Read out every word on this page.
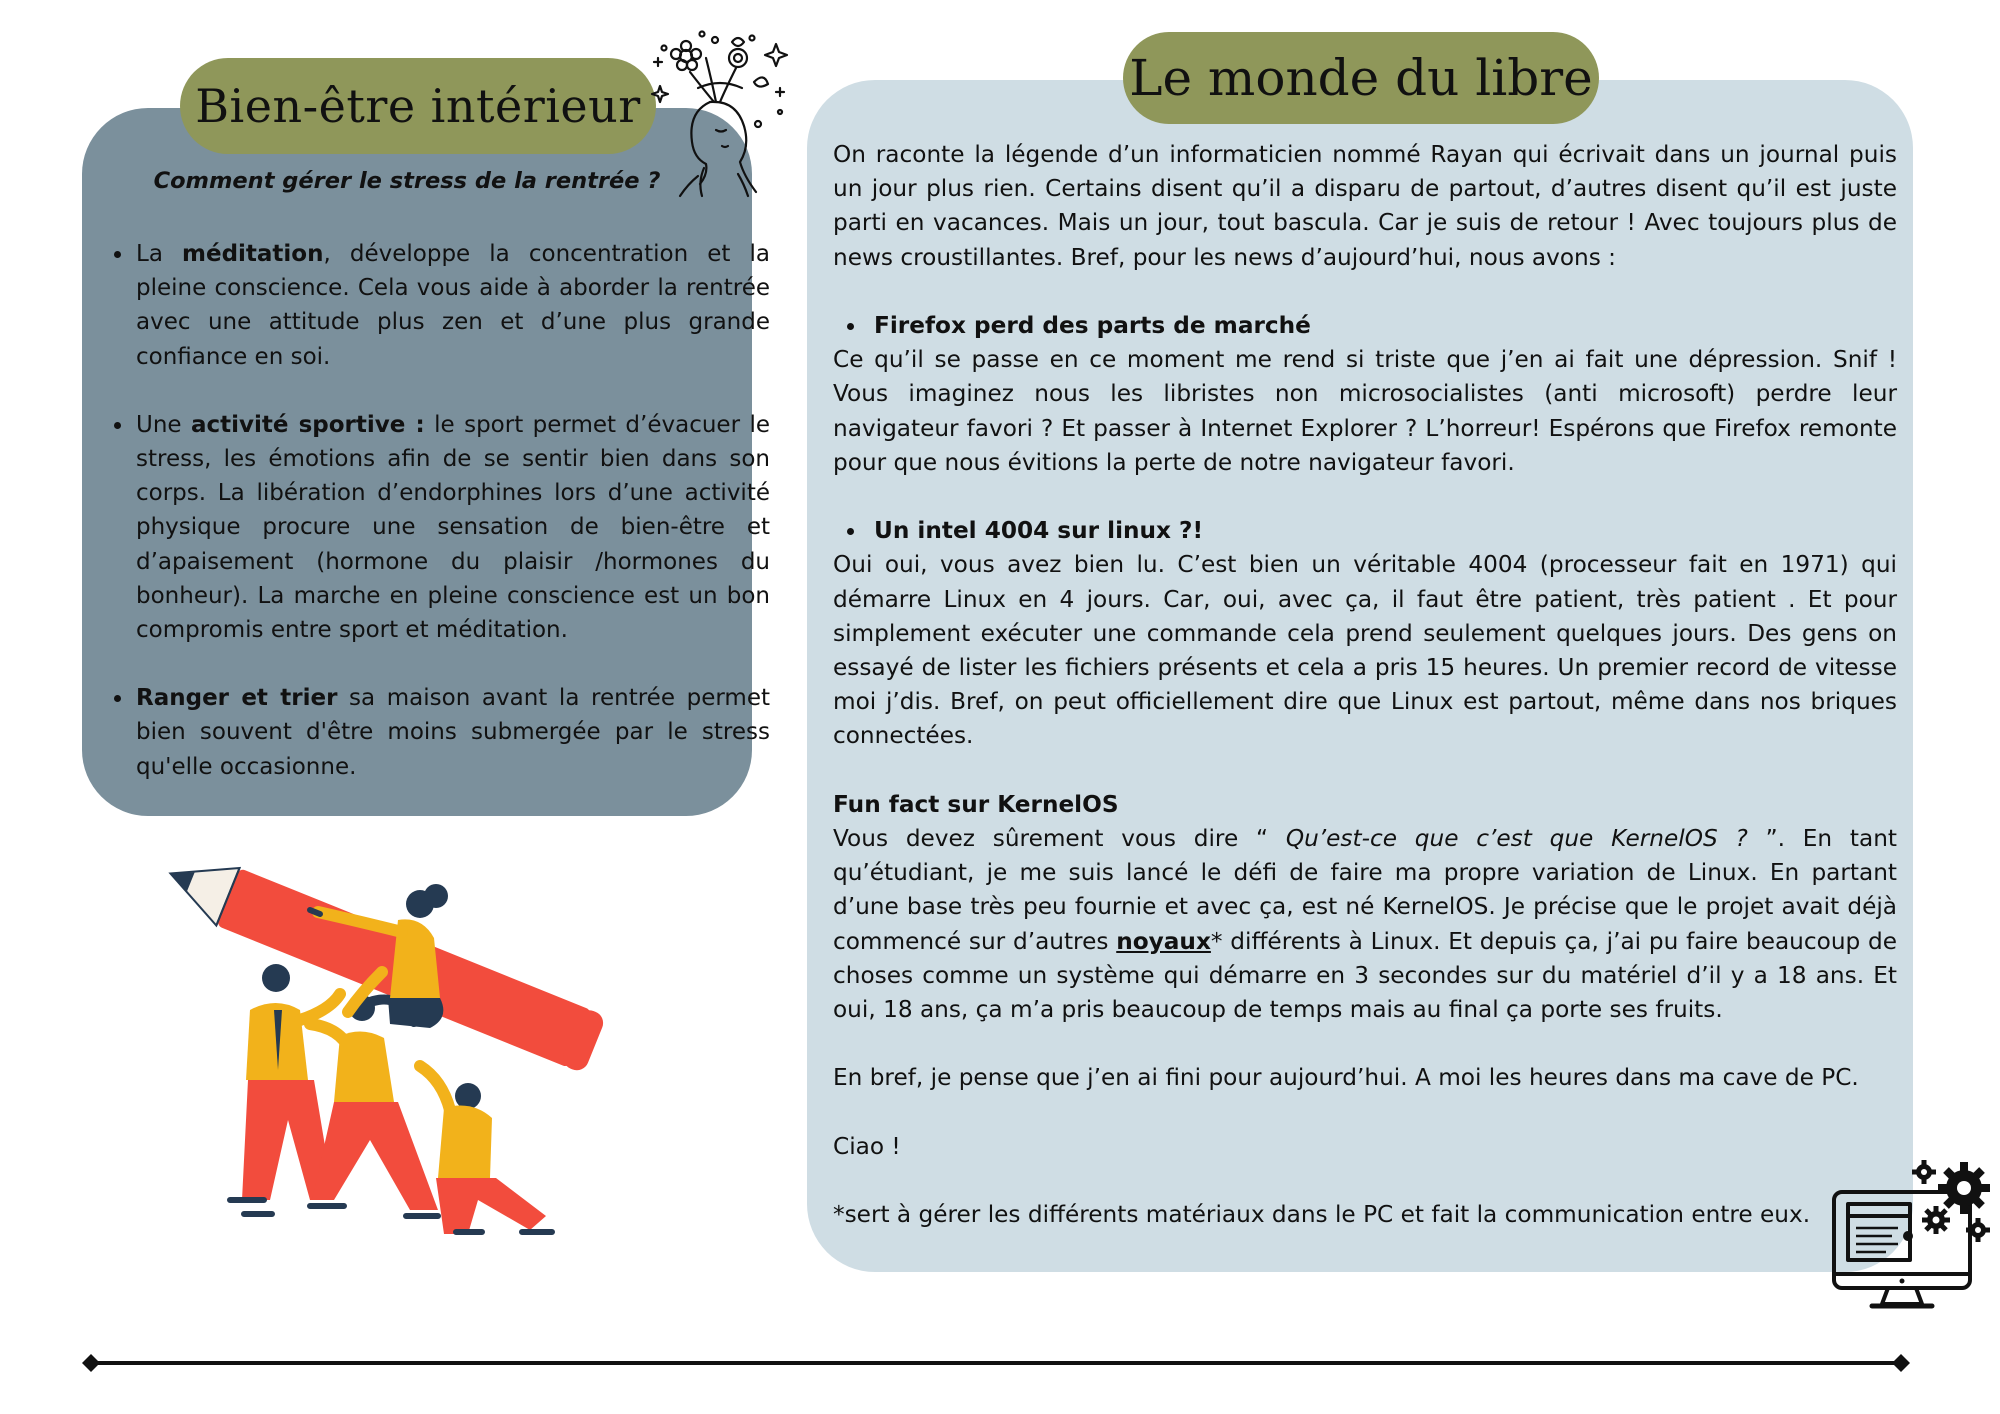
Bien-être intérieur

Comment gérer le stress de la rentrée ?

• La méditation, développe la concentration et la pleine conscience. Cela vous aide à aborder la rentrée avec une attitude plus zen et d’une plus grande confiance en soi.
• Une activité sportive : le sport permet d’évacuer le stress, les émotions afin de se sentir bien dans son corps. La libération d’endorphines lors d’une activité physique procure une sensation de bien-être et d’apaisement (hormone du plaisir /hormones du bonheur). La marche en pleine conscience est un bon compromis entre sport et méditation.
• Ranger et trier sa maison avant la rentrée permet bien souvent d'être moins submergée par le stress qu'elle occasionne.
Le monde du libre

On raconte la légende d’un informaticien nommé Rayan qui écrivait dans un journal puis un jour plus rien. Certains disent qu’il a disparu de partout, d’autres disent qu’il est juste parti en vacances. Mais un jour, tout bascula. Car je suis de retour ! Avec toujours plus de news croustillantes. Bref, pour les news d’aujourd’hui, nous avons :

Firefox perd des parts de marché

Ce qu’il se passe en ce moment me rend si triste que j’en ai fait une dépression. Snif ! Vous imaginez nous les libristes non microsocialistes (anti microsoft) perdre leur navigateur favori ? Et passer à Internet Explorer ? L’horreur! Espérons que Firefox remonte pour que nous évitions la perte de notre navigateur favori.

Un intel 4004 sur linux ?!

Oui oui, vous avez bien lu. C’est bien un véritable 4004 (processeur fait en 1971) qui démarre Linux en 4 jours. Car, oui, avec ça, il faut être patient, très patient . Et pour simplement exécuter une commande cela prend seulement quelques jours. Des gens on essayé de lister les fichiers présents et cela a pris 15 heures. Un premier record de vitesse moi j’dis. Bref, on peut officiellement dire que Linux est partout, même dans nos briques connectées.

Fun fact sur KernelOS

Vous devez sûrement vous dire “ Qu’est-ce que c’est que KernelOS ? ”. En tant qu’étudiant, je me suis lancé le défi de faire ma propre variation de Linux. En partant d’une base très peu fournie et avec ça, est né KernelOS. Je précise que le projet avait déjà commencé sur d’autres noyaux* différents à Linux. Et depuis ça, j’ai pu faire beaucoup de choses comme un système qui démarre en 3 secondes sur du matériel d’il y a 18 ans. Et oui, 18 ans, ça m’a pris beaucoup de temps mais au final ça porte ses fruits.

En bref, je pense que j’en ai fini pour aujourd’hui. A moi les heures dans ma cave de PC.

Ciao !

*sert à gérer les différents matériaux dans le PC et fait la communication entre eux.
